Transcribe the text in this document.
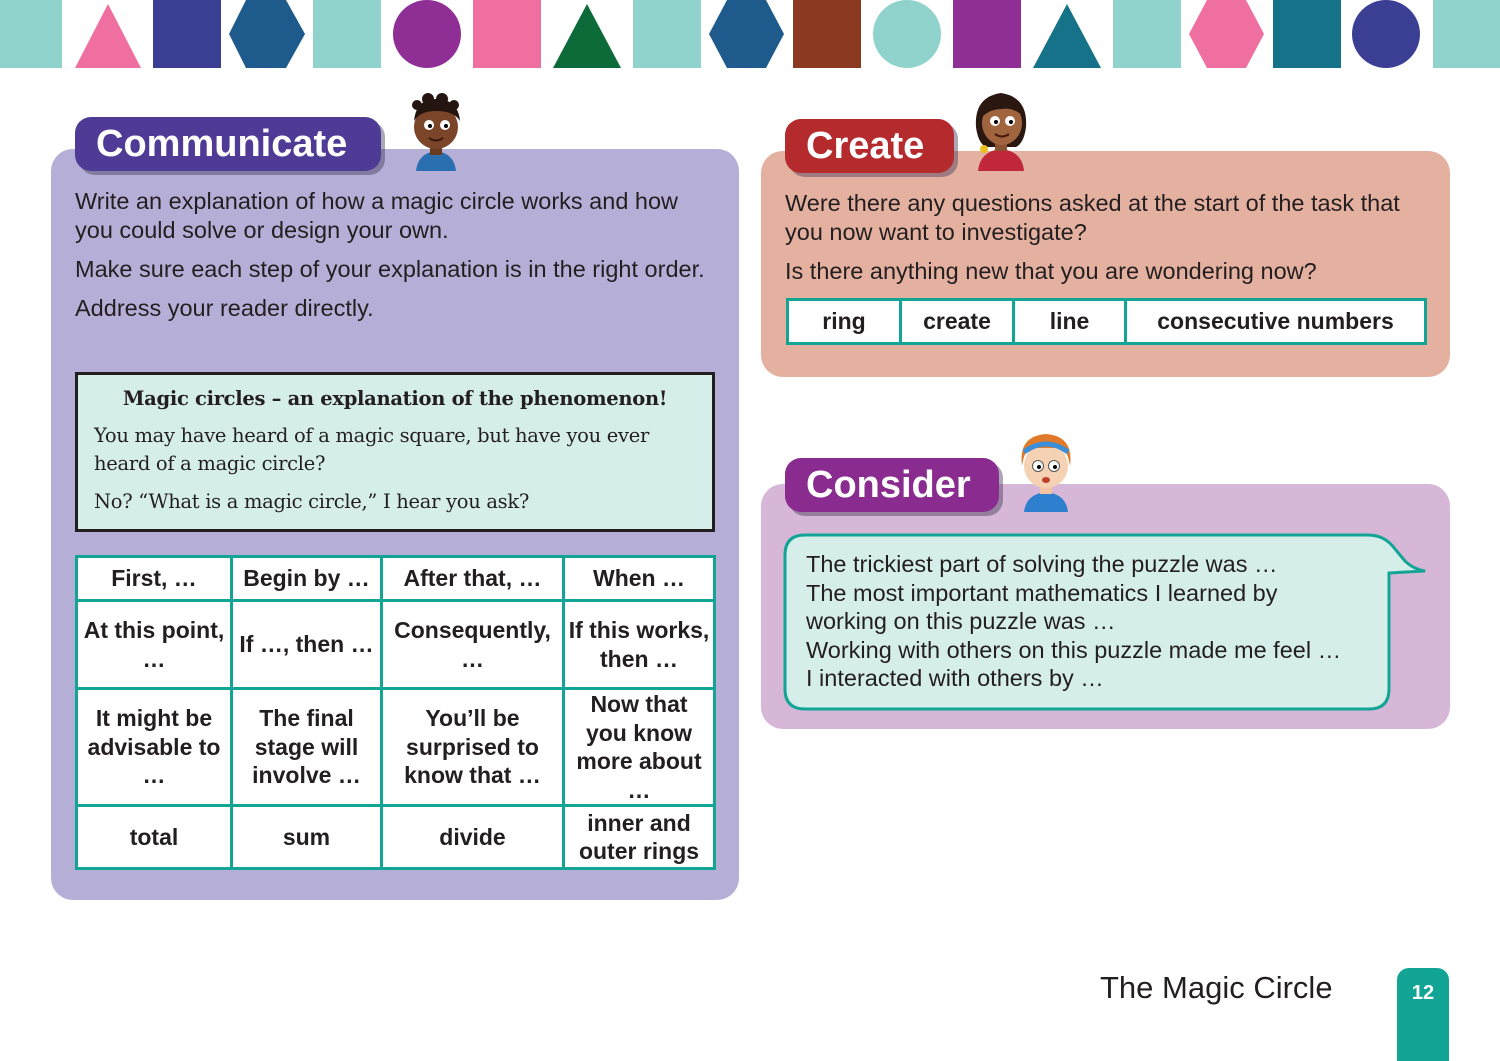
Communicate

Write an explanation of how a magic circle works and how you could solve or design your own.

Make sure each step of your explanation is in the right order.

Address your reader directly.

Magic circles – an explanation of the phenomenon!
You may have heard of a magic square, but have you ever heard of a magic circle?
No? “What is a magic circle,” I hear you ask?
First, …	Begin by …	After that, …	When …
At this point, …	If …, then …	Consequently, …	If this works, then …
It might be advisable to …	The final stage will involve …	You’ll be surprised to know that …	Now that you know more about …
total	sum	divide	inner and outer rings
Create

Were there any questions asked at the start of the task that you now want to investigate?

Is there anything new that you are wondering now?

ring	create	line	consecutive numbers
Consider
The trickiest part of solving the puzzle was …
The most important mathematics I learned by
working on this puzzle was …
Working with others on this puzzle made me feel …
I interacted with others by …
The Magic Circle	12
